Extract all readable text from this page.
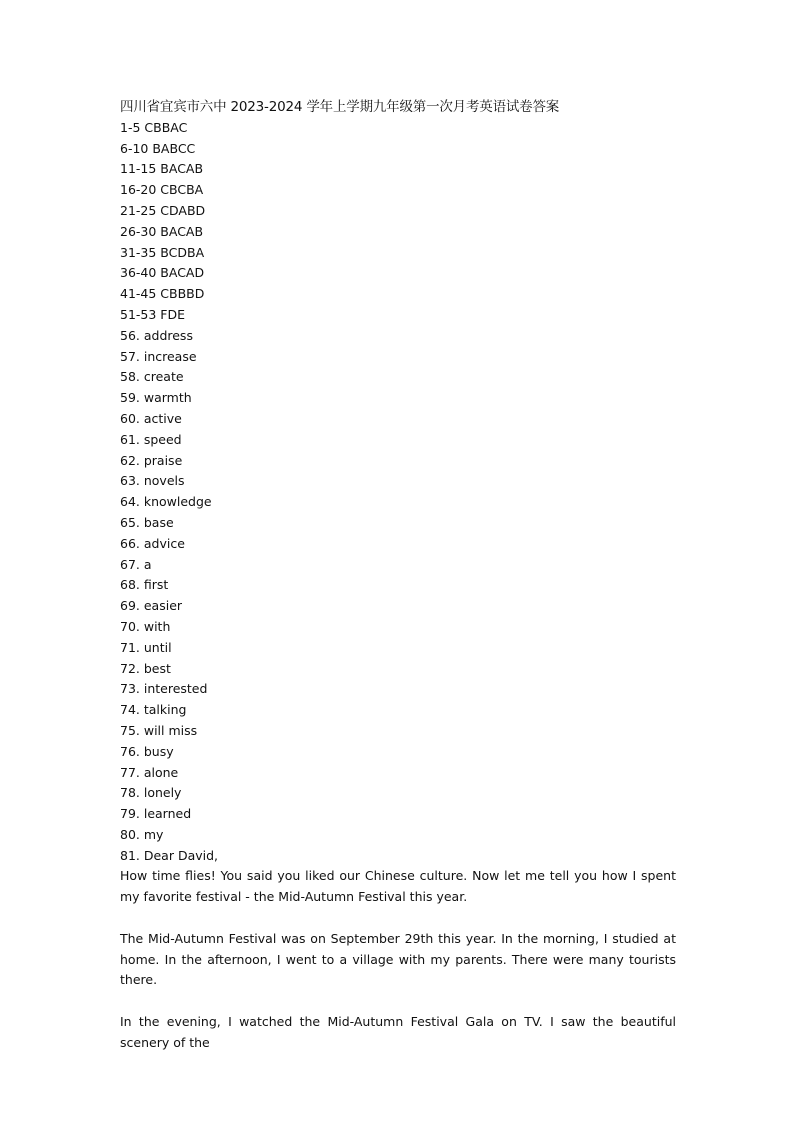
四川省宜宾市六中 2023-2024 学年上学期九年级第一次月考英语试卷答案
1-5 CBBAC
6-10 BABCC
11-15 BACAB
16-20 CBCBA
21-25 CDABD
26-30 BACAB
31-35 BCDBA
36-40 BACAD
41-45 CBBBD
51-53 FDE
56. address
57. increase
58. create
59. warmth
60. active
61. speed
62. praise
63. novels
64. knowledge
65. base
66. advice
67. a
68. first
69. easier
70. with
71. until
72. best
73. interested
74. talking
75. will miss
76. busy
77. alone
78. lonely
79. learned
80. my
81. Dear David,
How time flies! You said you liked our Chinese culture. Now let me tell you how I spent my favorite festival - the Mid-Autumn Festival this year.
The Mid-Autumn Festival was on September 29th this year. In the morning, I studied at home. In the afternoon, I went to a village with my parents. There were many tourists there.
In the evening, I watched the Mid-Autumn Festival Gala on TV. I saw the beautiful scenery of the
